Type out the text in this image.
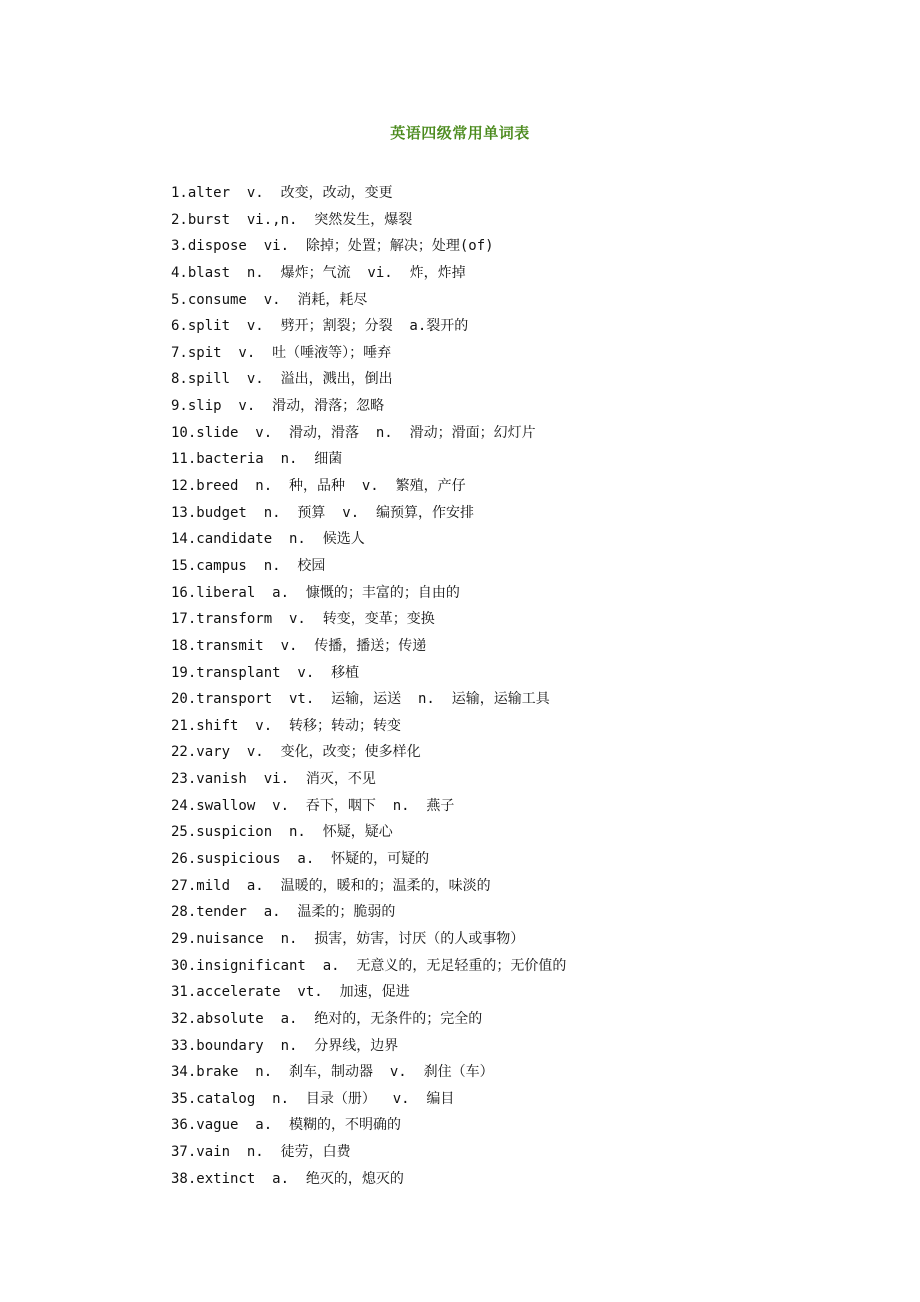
英语四级常用单词表
1.alter  v.  改变，改动，变更
2.burst  vi.,n.  突然发生，爆裂
3.dispose  vi.  除掉；处置；解决；处理(of)
4.blast  n.  爆炸；气流  vi.  炸，炸掉
5.consume  v.  消耗，耗尽
6.split  v.  劈开；割裂；分裂  a.裂开的
7.spit  v.  吐（唾液等）；唾弃
8.spill  v.  溢出，溅出，倒出
9.slip  v.  滑动，滑落；忽略
10.slide  v.  滑动，滑落  n.  滑动；滑面；幻灯片
11.bacteria  n.  细菌
12.breed  n.  种，品种  v.  繁殖，产仔
13.budget  n.  预算  v.  编预算，作安排
14.candidate  n.  候选人
15.campus  n.  校园
16.liberal  a.  慷慨的；丰富的；自由的
17.transform  v.  转变，变革；变换
18.transmit  v.  传播，播送；传递
19.transplant  v.  移植
20.transport  vt.  运输，运送  n.  运输，运输工具
21.shift  v.  转移；转动；转变
22.vary  v.  变化，改变；使多样化
23.vanish  vi.  消灭，不见
24.swallow  v.  吞下，咽下  n.  燕子
25.suspicion  n.  怀疑，疑心
26.suspicious  a.  怀疑的，可疑的
27.mild  a.  温暖的，暖和的；温柔的，味淡的
28.tender  a.  温柔的；脆弱的
29.nuisance  n.  损害，妨害，讨厌（的人或事物）
30.insignificant  a.  无意义的，无足轻重的；无价值的
31.accelerate  vt.  加速，促进
32.absolute  a.  绝对的，无条件的；完全的
33.boundary  n.  分界线，边界
34.brake  n.  刹车，制动器  v.  刹住（车）
35.catalog  n.  目录（册）  v.  编目
36.vague  a.  模糊的，不明确的
37.vain  n.  徒劳，白费
38.extinct  a.  绝灭的，熄灭的
